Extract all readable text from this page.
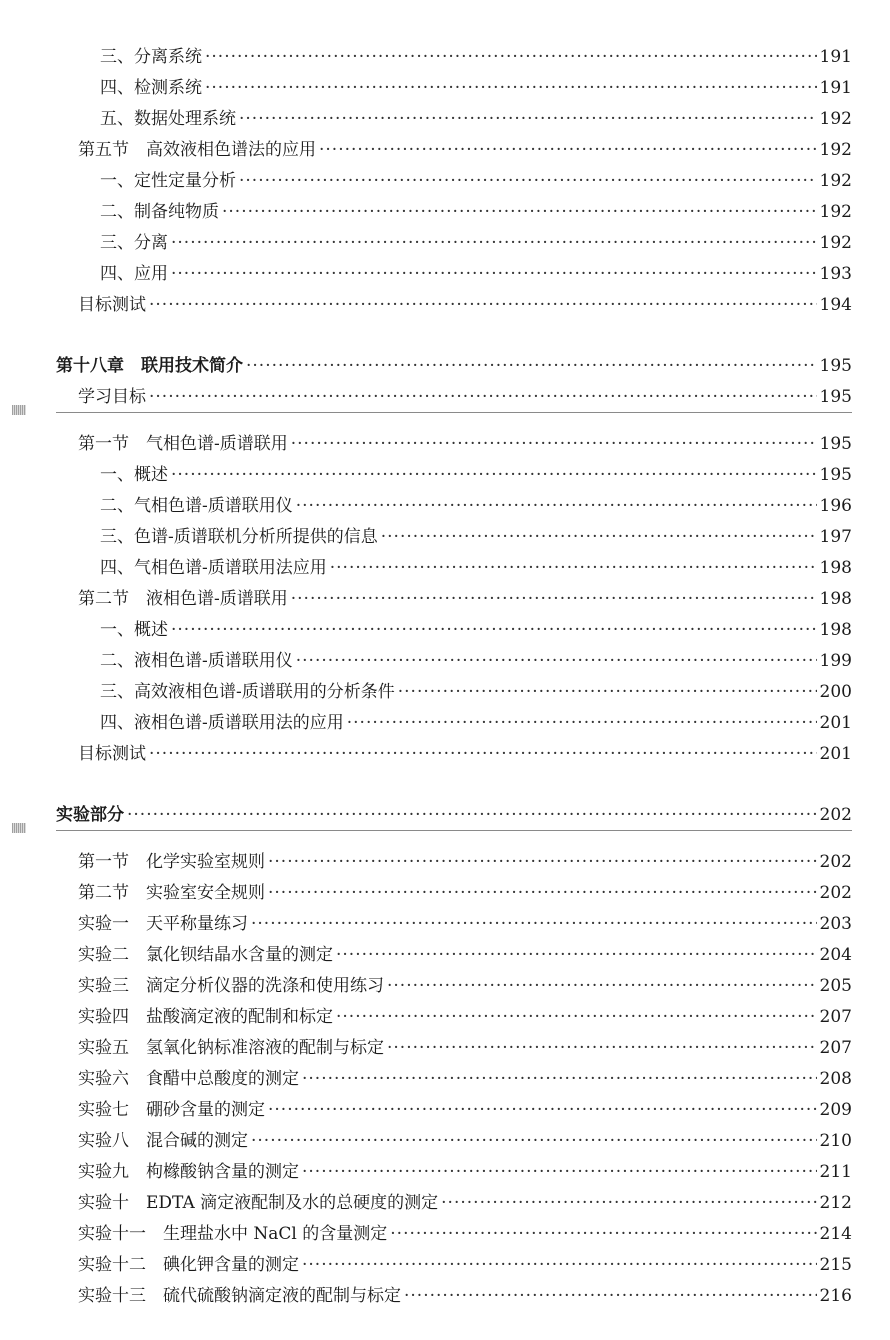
三、分离系统 ·····	191
四、检测系统 ·····	191
五、数据处理系统 ·····	192
第五节　高效液相色谱法的应用 ·····	192
一、定性定量分析 ·····	192
二、制备纯物质 ·····	192
三、分离 ·····	192
四、应用 ·····	193
目标测试 ·····	194
第十八章　联用技术简介 ·····	195
学习目标 ·····	195
第一节　气相色谱-质谱联用 ·····	195
一、概述 ·····	195
二、气相色谱-质谱联用仪 ·····	196
三、色谱-质谱联机分析所提供的信息 ·····	197
四、气相色谱-质谱联用法应用 ·····	198
第二节　液相色谱-质谱联用 ·····	198
一、概述 ·····	198
二、液相色谱-质谱联用仪 ·····	199
三、高效液相色谱-质谱联用的分析条件 ·····	200
四、液相色谱-质谱联用法的应用 ·····	201
目标测试 ·····	201
实验部分 ·····	202
第一节　化学实验室规则 ·····	202
第二节　实验室安全规则 ·····	202
实验一　天平称量练习 ·····	203
实验二　氯化钡结晶水含量的测定 ·····	204
实验三　滴定分析仪器的洗涤和使用练习 ·····	205
实验四　盐酸滴定液的配制和标定 ·····	207
实验五　氢氧化钠标准溶液的配制与标定 ·····	207
实验六　食醋中总酸度的测定 ·····	208
实验七　硼砂含量的测定 ·····	209
实验八　混合碱的测定 ·····	210
实验九　枸橼酸钠含量的测定 ·····	211
实验十　EDTA 滴定液配制及水的总硬度的测定 ·····	212
实验十一　生理盐水中 NaCl 的含量测定 ·····	214
实验十二　碘化钾含量的测定 ·····	215
实验十三　硫代硫酸钠滴定液的配制与标定 ·····	216
